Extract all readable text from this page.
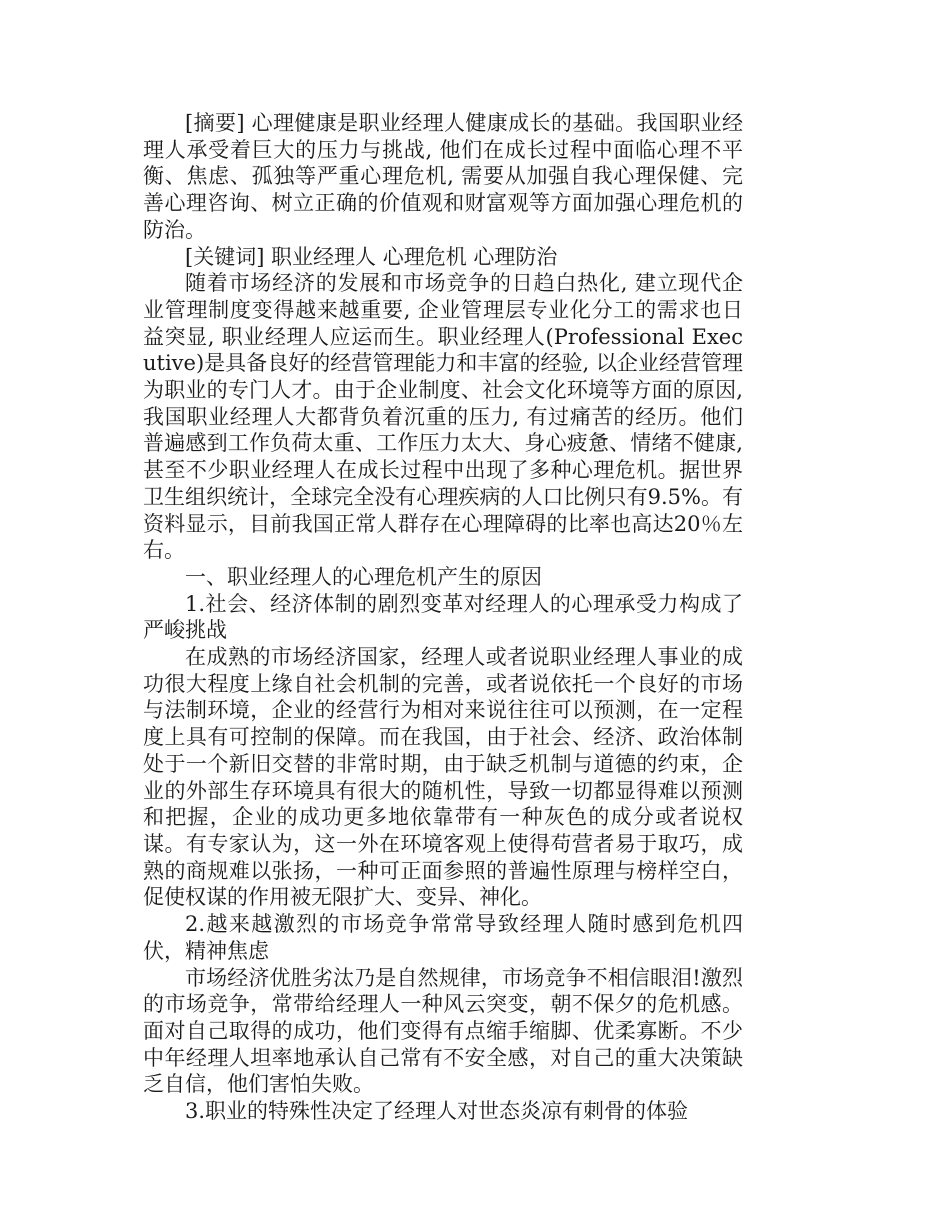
[摘要] 心理健康是职业经理人健康成长的基础。我国职业经理人承受着巨大的压力与挑战, 他们在成长过程中面临心理不平衡、焦虑、孤独等严重心理危机, 需要从加强自我心理保健、完善心理咨询、树立正确的价值观和财富观等方面加强心理危机的防治。

[关键词] 职业经理人 心理危机 心理防治

随着市场经济的发展和市场竞争的日趋白热化, 建立现代企业管理制度变得越来越重要, 企业管理层专业化分工的需求也日益突显, 职业经理人应运而生。职业经理人(Professional Executive)是具备良好的经营管理能力和丰富的经验, 以企业经营管理为职业的专门人才。由于企业制度、社会文化环境等方面的原因, 我国职业经理人大都背负着沉重的压力, 有过痛苦的经历。他们普遍感到工作负荷太重、工作压力太大、身心疲惫、情绪不健康,甚至不少职业经理人在成长过程中出现了多种心理危机。据世界卫生组织统计，全球完全没有心理疾病的人口比例只有9.5%。有资料显示，目前我国正常人群存在心理障碍的比率也高达20％左右。

一、职业经理人的心理危机产生的原因

1.社会、经济体制的剧烈变革对经理人的心理承受力构成了严峻挑战

在成熟的市场经济国家，经理人或者说职业经理人事业的成功很大程度上缘自社会机制的完善，或者说依托一个良好的市场与法制环境，企业的经营行为相对来说往往可以预测，在一定程度上具有可控制的保障。而在我国，由于社会、经济、政治体制处于一个新旧交替的非常时期，由于缺乏机制与道德的约束，企业的外部生存环境具有很大的随机性，导致一切都显得难以预测和把握，企业的成功更多地依靠带有一种灰色的成分或者说权谋。有专家认为，这一外在环境客观上使得苟营者易于取巧，成熟的商规难以张扬，一种可正面参照的普遍性原理与榜样空白，促使权谋的作用被无限扩大、变异、神化。

2.越来越激烈的市场竞争常常导致经理人随时感到危机四伏，精神焦虑

市场经济优胜劣汰乃是自然规律，市场竞争不相信眼泪!激烈的市场竞争，常带给经理人一种风云突变，朝不保夕的危机感。面对自己取得的成功，他们变得有点缩手缩脚、优柔寡断。不少中年经理人坦率地承认自己常有不安全感，对自己的重大决策缺乏自信，他们害怕失败。

3.职业的特殊性决定了经理人对世态炎凉有刺骨的体验
